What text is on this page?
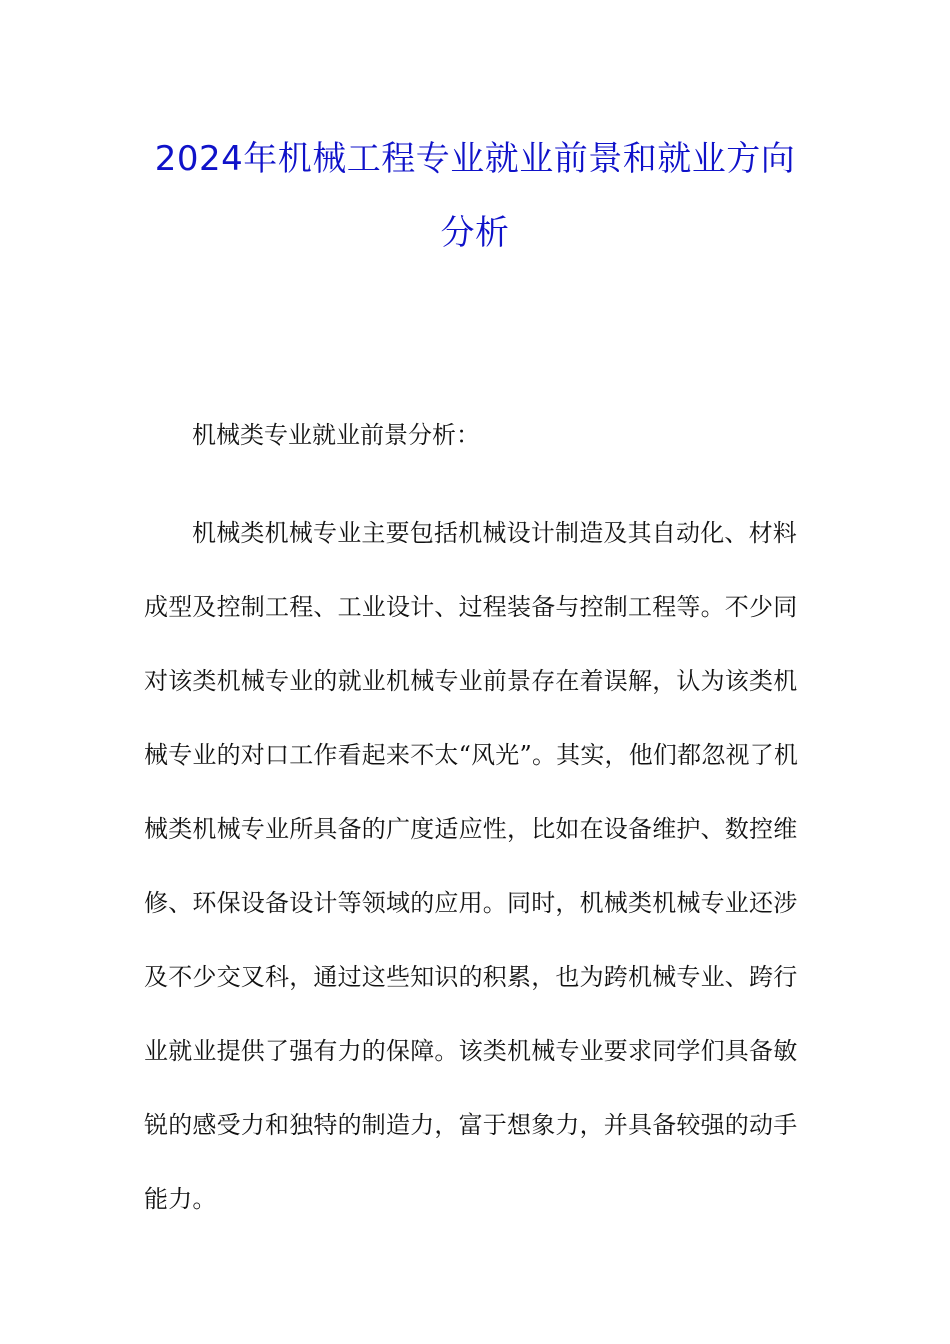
2024年机械工程专业就业前景和就业方向
分析
机械类专业就业前景分析：

机械类机械专业主要包括机械设计制造及其自动化、材料成型及控制工程、工业设计、过程装备与控制工程等。不少同对该类机械专业的就业机械专业前景存在着误解，认为该类机械专业的对口工作看起来不太“风光”。其实，他们都忽视了机械类机械专业所具备的广度适应性，比如在设备维护、数控维修、环保设备设计等领域的应用。同时，机械类机械专业还涉及不少交叉科，通过这些知识的积累，也为跨机械专业、跨行业就业提供了强有力的保障。该类机械专业要求同学们具备敏锐的感受力和独特的制造力，富于想象力，并具备较强的动手能力。
